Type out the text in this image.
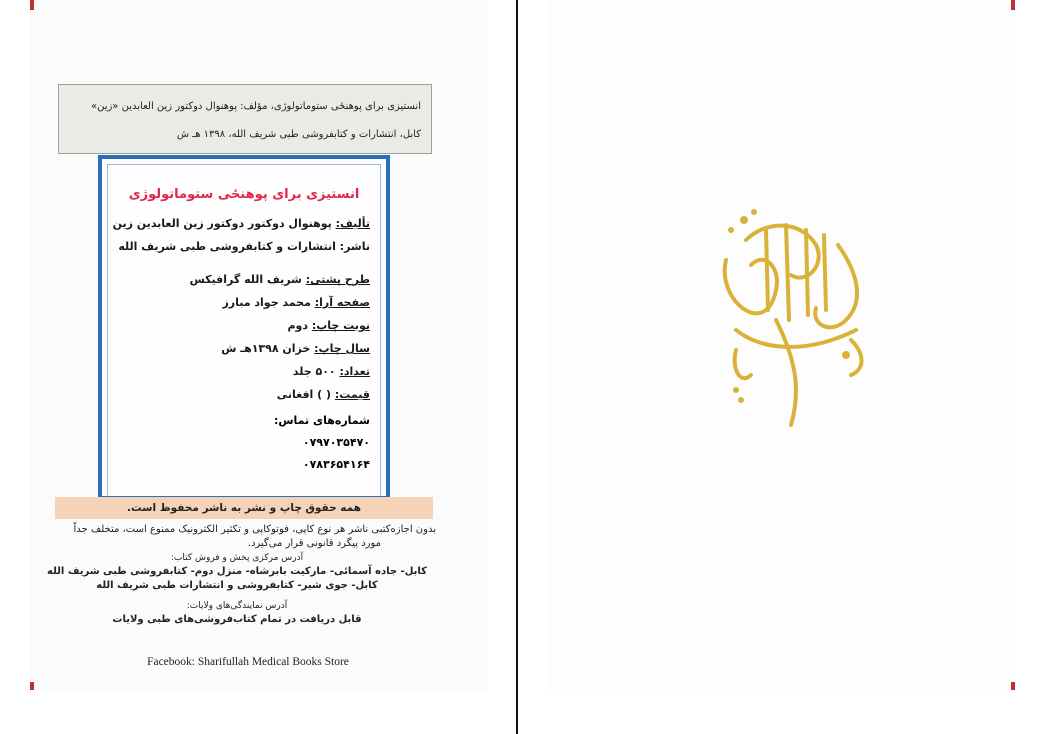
انستیزی برای پوهنځی ستوماتولوژی، مؤلف: پوهنوال دوکتور زین العابدین «زین»
کابل، انتشارات و کتابفروشی طبی شریف الله، ۱۳۹۸ هـ ش
انستیزی برای پوهنځی ستوماتولوژی
تألیف: پوهنوال دوکتور دوکتور زین العابدین زین
ناشر: انتشارات و کتابفروشی طبی شریف الله
طرح پشتی: شریف الله گرافیکس
صفحه آرا: محمد جواد مبارز
نوبت چاپ: دوم
سال چاپ: خزان ۱۳۹۸هـ ش
تعداد: ۵۰۰ جلد
قیمت: ( ) افغانی
شماره‌های تماس:
۰۷۹۷۰۳۵۴۷۰
۰۷۸۳۶۵۴۱۶۴
همه حقوق چاپ و نشر به ناشر محفوظ است.
بدون اجازه‌کتبی ناشر هر نوع کاپی، فوتوکاپی و تکثیر الکترونیک ممنوع است، متخلف جداً
مورد پیگرد قانونی قرار می‌گیرد.
آدرس مرکزی پخش و فروش کتاب:
کابل- جاده آسمائی- مارکیت بابرشاه- منزل دوم- کتابفروشی طبی شریف الله
کابل- جوی شیر- کتابفروشی و انتشارات طبی شریف الله
آدرس نمایندگی‌های ولایات:
قابل دریافت در تمام کتاب‌فروشی‌های طبی ولایات
Facebook: Sharifullah Medical Books Store
